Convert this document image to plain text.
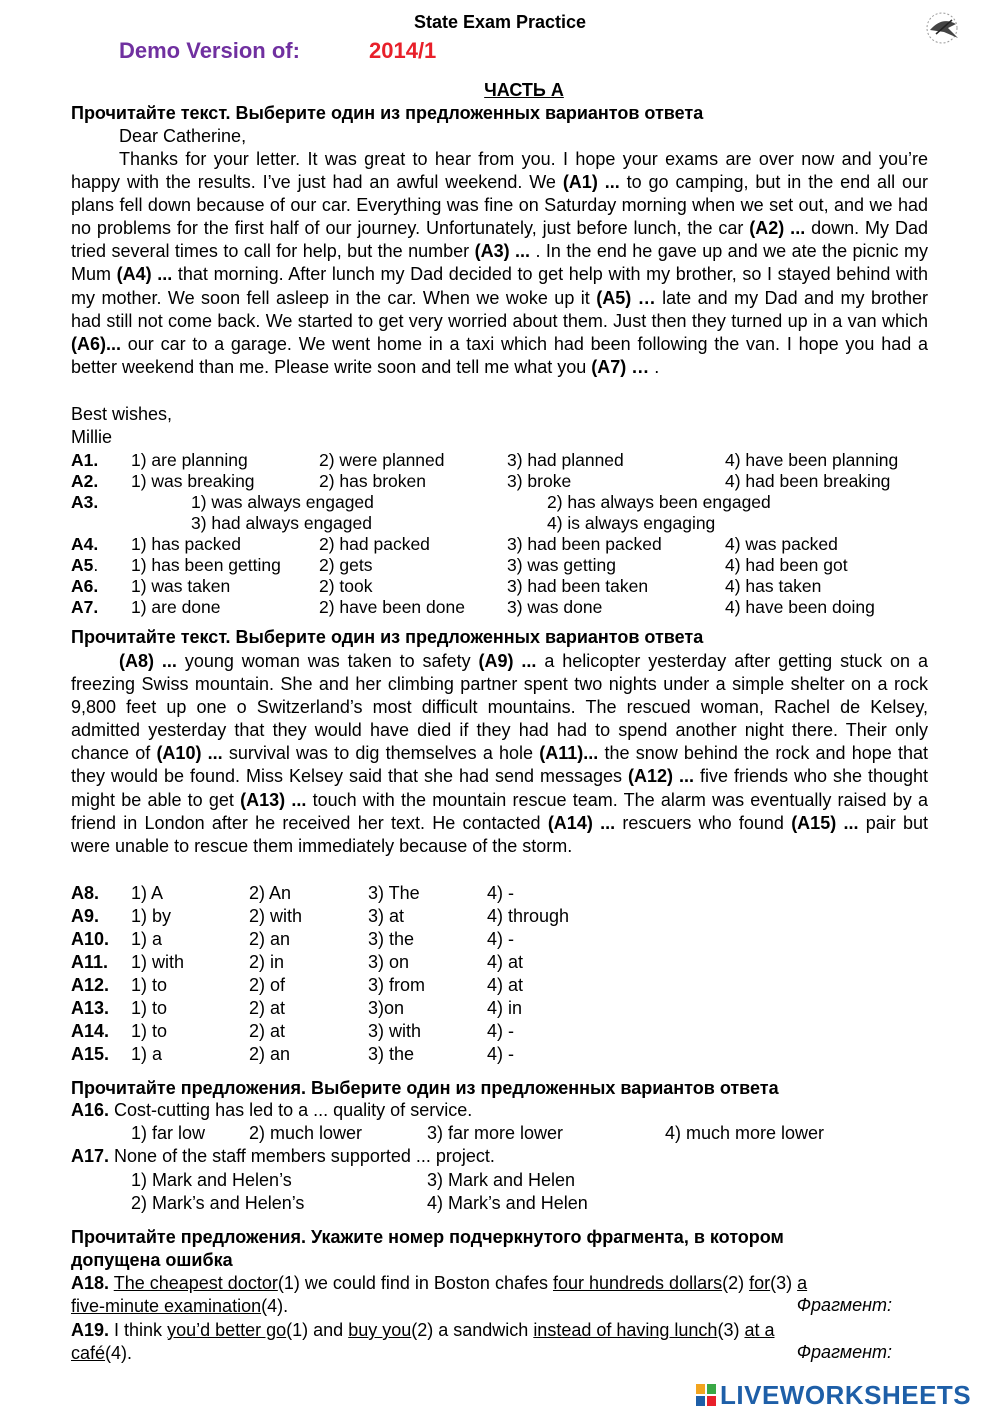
State Exam Practice
Demo Version of:	2014/1
ЧАСТЬ А
Прочитайте текст. Выберите один из предложенных вариантов ответа
Dear Catherine,
Thanks for your letter. It was great to hear from you. I hope your exams are over now and you’re happy with the results. I’ve just had an awful weekend. We (A1) ... to go camping, but in the end all our plans fell down because of our car. Everything was fine on Saturday morning when we set out, and we had no problems for the first half of our journey. Unfortunately, just before lunch, the car (A2) ... down. My Dad tried several times to call for help, but the number (A3) ... . In the end he gave up and we ate the picnic my Mum (A4) ... that morning. After lunch my Dad decided to get help with my brother, so I stayed behind with my mother. We soon fell asleep in the car. When we woke up it (A5) … late and my Dad and my brother had still not come back. We started to get very worried about them. Just then they turned up in a van which (A6)... our car to a garage. We went home in a taxi which had been following the van. I hope you had a better weekend than me. Please write soon and tell me what you (A7) … .
Best wishes,
Millie
A1. 1) are planning	2) were planned	3) had planned	4) have been planning
A2. 1) was breaking	2) has broken	3) broke	4) had been breaking
A3.	1) was always engaged	2) has always been engaged
3) had always engaged	4) is always engaging
A4. 1) has packed	2) had packed	3) had been packed	4) was packed
A5. 1) has been getting 2) gets	3) was getting	4) had been got
A6. 1) was taken	2) took	3) had been taken	4) has taken
A7. 1) are done	2) have been done 3) was done	4) have been doing
Прочитайте текст. Выберите один из предложенных вариантов ответа
(A8) ... young woman was taken to safety (A9) ... a helicopter yesterday after getting stuck on a freezing Swiss mountain. She and her climbing partner spent two nights under a simple shelter on a rock 9,800 feet up one o Switzerland’s most difficult mountains. The rescued woman, Rachel de Kelsey, admitted yesterday that they would have died if they had had to spend another night there. Their only chance of (A10) ... survival was to dig themselves a hole (A11)... the snow behind the rock and hope that they would be found. Miss Kelsey said that she had send messages (A12) ... five friends who she thought might be able to get (A13) ... touch with the mountain rescue team. The alarm was eventually raised by a friend in London after he received her text. He contacted (A14) ... rescuers who found (A15) ... pair but were unable to rescue them immediately because of the storm.
A8. 1) A	2) An	3) The	4) -
A9. 1) by	2) with	3) at	4) through
A10. 1) a	2) an	3) the	4) -
A11. 1) with	2) in	3) on	4) at
A12. 1) to	2) of	3) from	4) at
A13. 1) to	2) at	3)on	4) in
A14. 1) to	2) at	3) with	4) -
A15. 1) a	2) an	3) the	4) -
Прочитайте предложения. Выберите один из предложенных вариантов ответа
A16. Cost-cutting has led to a ... quality of service.
1) far low 2) much lower	3) far more lower	4) much more lower
A17. None of the staff members supported ... project.
1) Mark and Helen’s	3) Mark and Helen
2) Mark’s and Helen’s	4) Mark’s and Helen
Прочитайте предложения. Укажите номер подчеркнутого фрагмента, в котором
допущена ошибка
A18. The cheapest doctor(1) we could find in Boston chafes four hundreds dollars(2) for(3) a
five-minute examination(4).	Фрагмент:
A19. I think you’d better go(1) and buy you(2) a sandwich instead of having lunch(3) at a
café(4).	Фрагмент:
LIVEWORKSHEETS
